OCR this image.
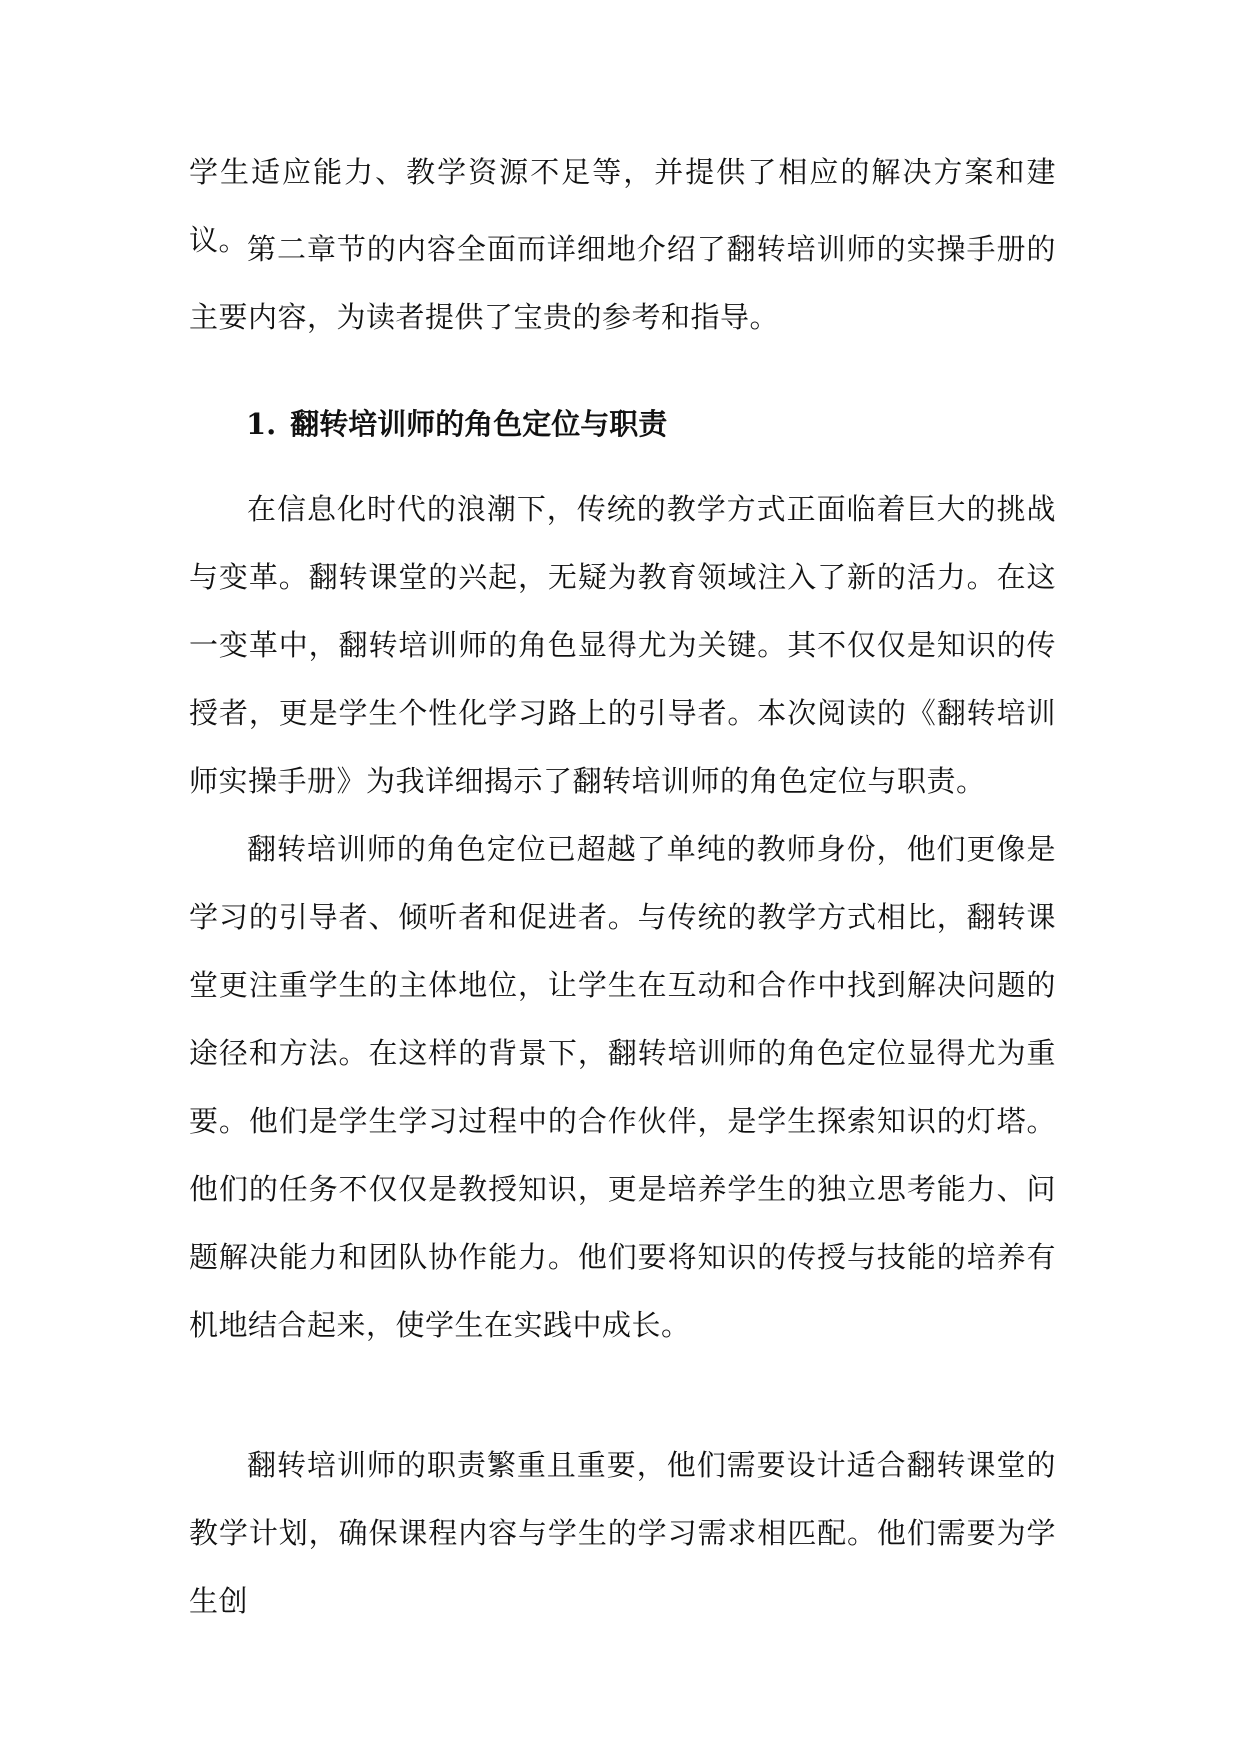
学生适应能力、教学资源不足等，并提供了相应的解决方案和建议。

第二章节的内容全面而详细地介绍了翻转培训师的实操手册的主要内容，为读者提供了宝贵的参考和指导。

1. 翻转培训师的角色定位与职责

在信息化时代的浪潮下，传统的教学方式正面临着巨大的挑战与变革。翻转课堂的兴起，无疑为教育领域注入了新的活力。在这一变革中，翻转培训师的角色显得尤为关键。其不仅仅是知识的传授者，更是学生个性化学习路上的引导者。本次阅读的《翻转培训师实操手册》为我详细揭示了翻转培训师的角色定位与职责。

翻转培训师的角色定位已超越了单纯的教师身份，他们更像是学习的引导者、倾听者和促进者。与传统的教学方式相比，翻转课堂更注重学生的主体地位，让学生在互动和合作中找到解决问题的途径和方法。在这样的背景下，翻转培训师的角色定位显得尤为重要。他们是学生学习过程中的合作伙伴，是学生探索知识的灯塔。他们的任务不仅仅是教授知识，更是培养学生的独立思考能力、问题解决能力和团队协作能力。他们要将知识的传授与技能的培养有机地结合起来，使学生在实践中成长。

翻转培训师的职责繁重且重要，他们需要设计适合翻转课堂的教学计划，确保课程内容与学生的学习需求相匹配。他们需要为学生创
